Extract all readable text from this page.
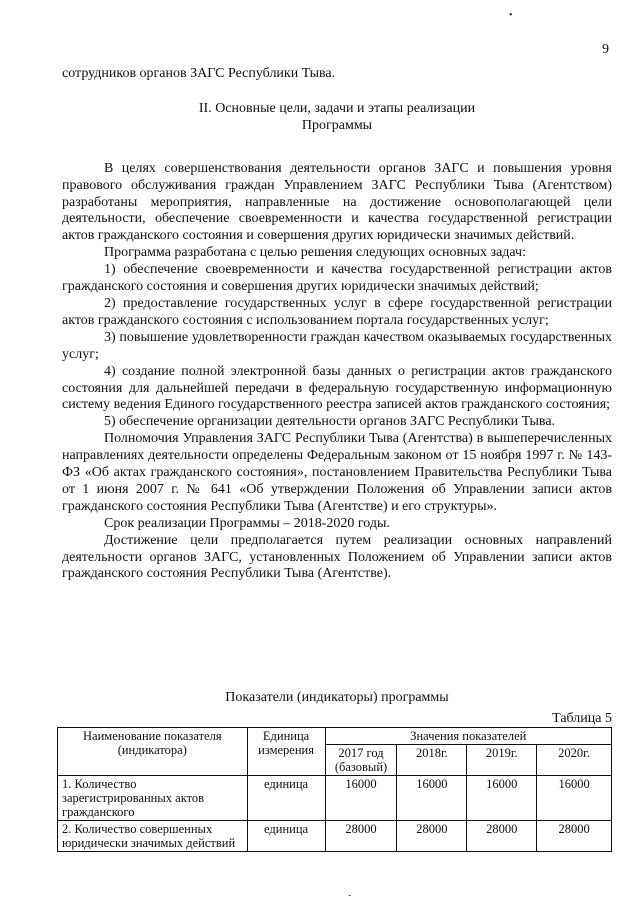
•
9

сотрудников органов ЗАГС Республики Тыва.

II. Основные цели, задачи и этапы реализации
Программы

В целях совершенствования деятельности органов ЗАГС и повышения уровня правового обслуживания граждан Управлением ЗАГС Республики Тыва (Агентством) разработаны мероприятия, направленные на достижение основополагающей цели деятельности, обеспечение своевременности и качества государственной регистрации актов гражданского состояния и совершения других юридически значимых действий.

Программа разработана с целью решения следующих основных задач:

1) обеспечение своевременности и качества государственной регистрации актов гражданского состояния и совершения других юридически значимых действий;

2) предоставление государственных услуг в сфере государственной регистрации актов гражданского состояния с использованием портала государственных услуг;

3) повышение удовлетворенности граждан качеством оказываемых государственных услуг;

4) создание полной электронной базы данных о регистрации актов гражданского состояния для дальнейшей передачи в федеральную государственную информационную систему ведения Единого государственного реестра записей актов гражданского состояния;

5) обеспечение организации деятельности органов ЗАГС Республики Тыва.

Полномочия Управления ЗАГС Республики Тыва (Агентства) в вышеперечисленных направлениях деятельности определены Федеральным законом от 15 ноября 1997 г. № 143-ФЗ «Об актах гражданского состояния», постановлением Правительства Республики Тыва от 1 июня 2007 г. № 641 «Об утверждении Положения об Управлении записи актов гражданского состояния Республики Тыва (Агентстве) и его структуры».

Срок реализации Программы – 2018-2020 годы.

Достижение цели предполагается путем реализации основных направлений деятельности органов ЗАГС, установленных Положением об Управлении записи актов гражданского состояния Республики Тыва (Агентстве).

Показатели (индикаторы) программы
Таблица 5
Наименование показателя (индикатора)	Единица измерения	Значения показателей			
		2017 год (базовый)	2018г.	2019г.	2020г.
1. Количество зарегистрированных актов гражданского	единица	16000	16000	16000	16000
2. Количество совершенных юридически значимых действий	единица	28000	28000	28000	28000
-
